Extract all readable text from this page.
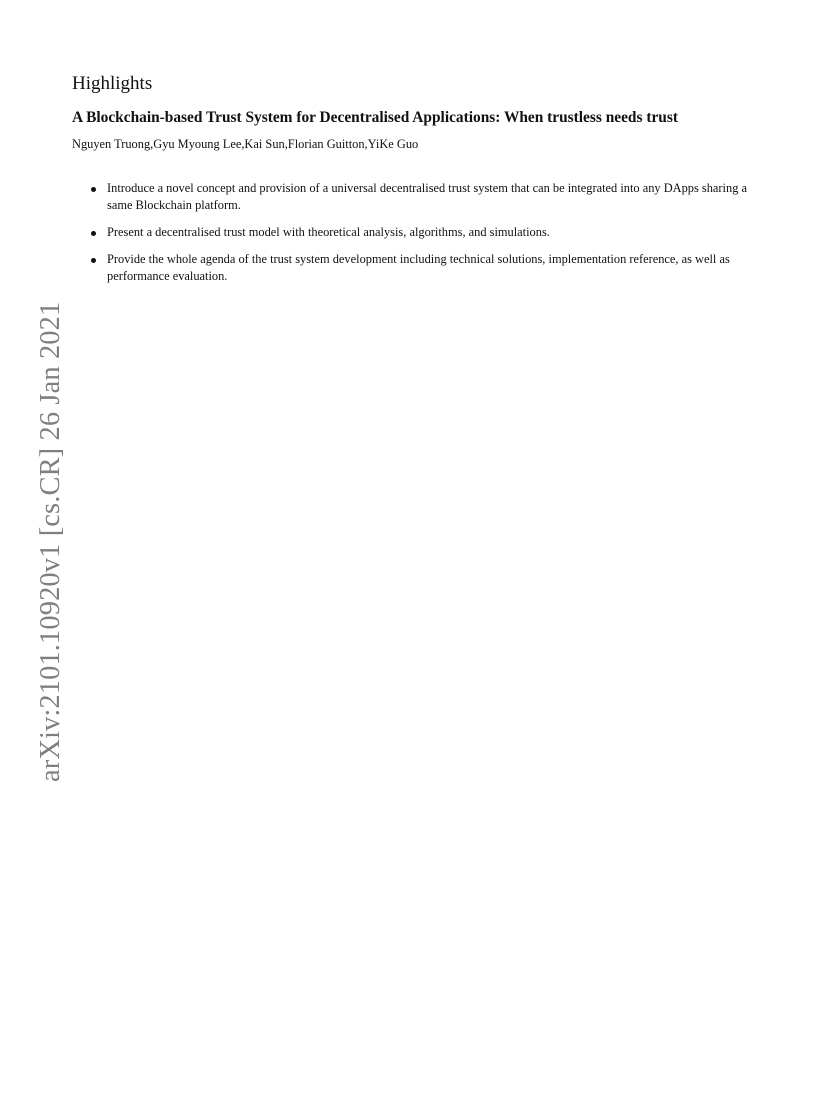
Highlights
A Blockchain-based Trust System for Decentralised Applications: When trustless needs trust

Nguyen Truong,Gyu Myoung Lee,Kai Sun,Florian Guitton,YiKe Guo

Introduce a novel concept and provision of a universal decentralised trust system that can be integrated into any DApps sharing a same Blockchain platform.
Present a decentralised trust model with theoretical analysis, algorithms, and simulations.
Provide the whole agenda of the trust system development including technical solutions, implementation reference, as well as performance evaluation.
arXiv:2101.10920v1 [cs.CR] 26 Jan 2021
